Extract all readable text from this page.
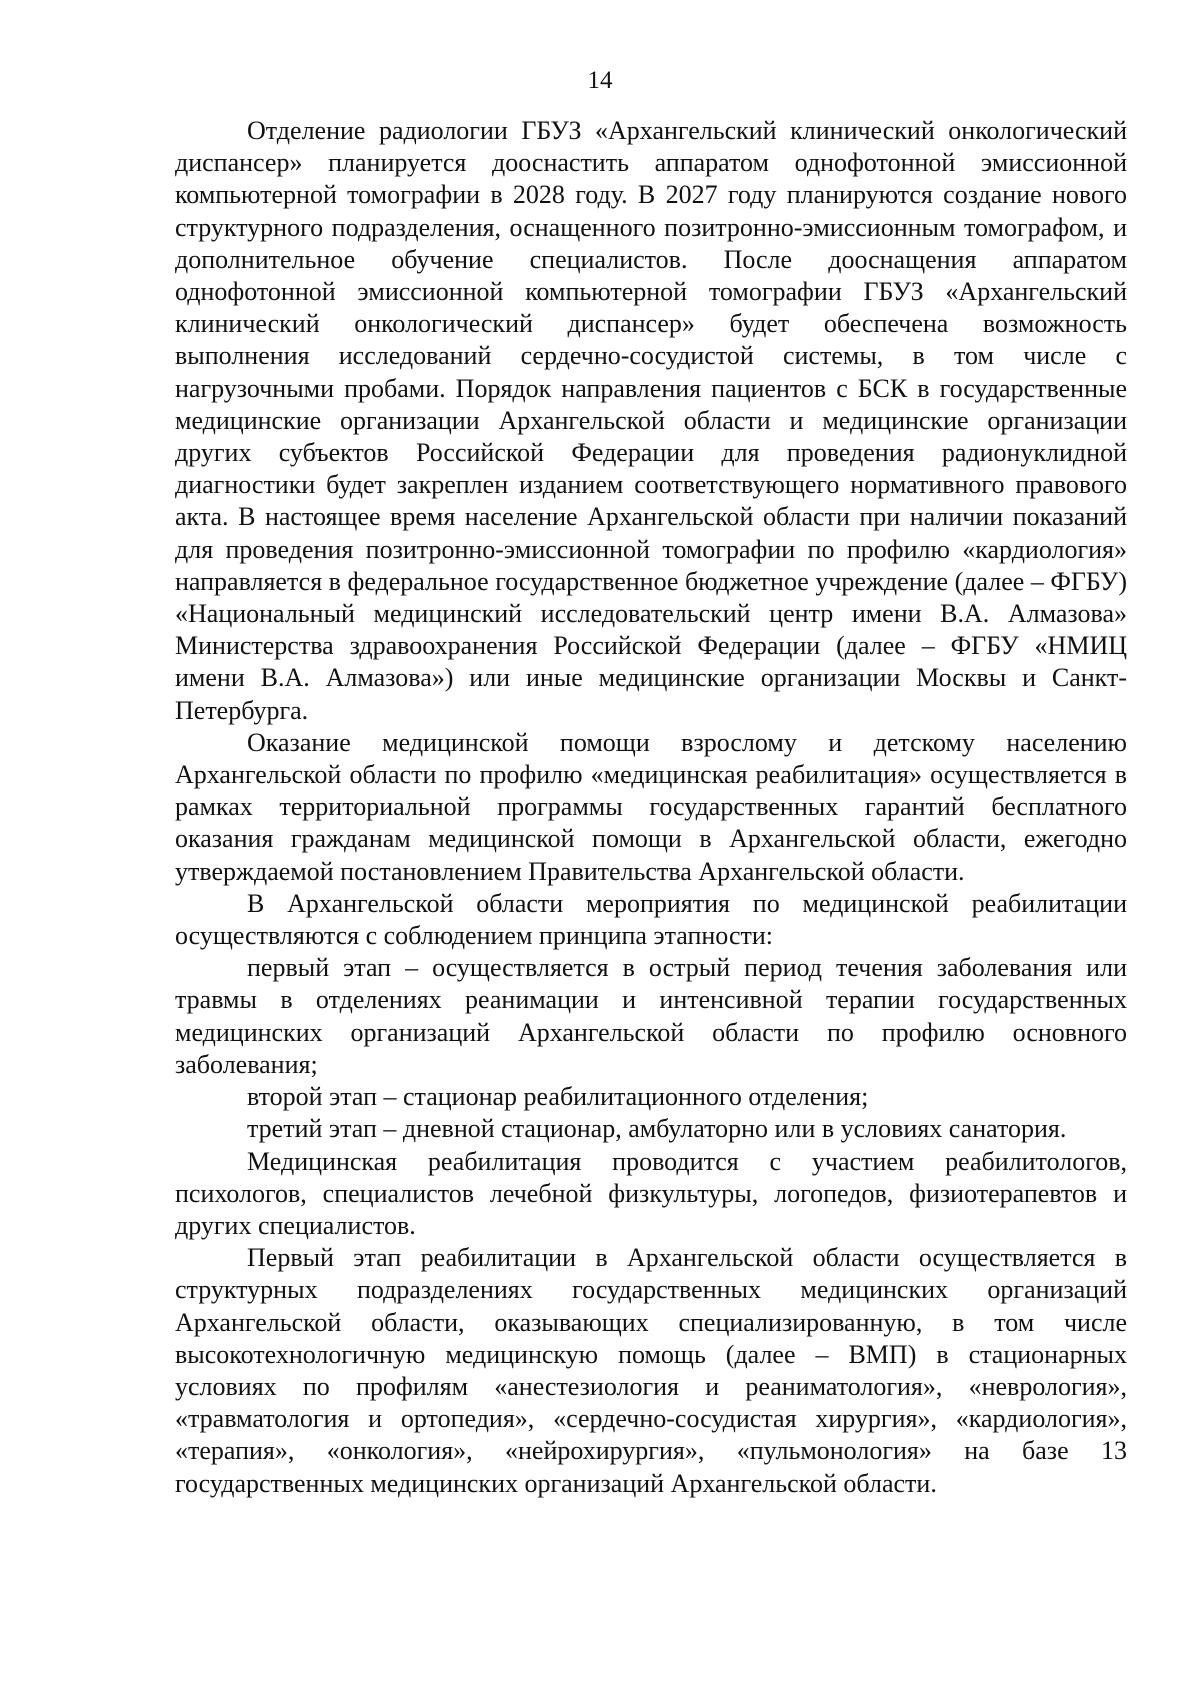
14

Отделение радиологии ГБУЗ «Архангельский клинический онкологический диспансер» планируется дооснастить аппаратом однофотонной эмиссионной компьютерной томографии в 2028 году. В 2027 году планируются создание нового структурного подразделения, оснащенного позитронно-эмиссионным томографом, и дополнительное обучение специалистов. После дооснащения аппаратом однофотонной эмиссионной компьютерной томографии ГБУЗ «Архангельский клинический онкологический диспансер» будет обеспечена возможность выполнения исследований сердечно-сосудистой системы, в том числе с нагрузочными пробами. Порядок направления пациентов с БСК в государственные медицинские организации Архангельской области и медицинские организации других субъектов Российской Федерации для проведения радионуклидной диагностики будет закреплен изданием соответствующего нормативного правового акта. В настоящее время население Архангельской области при наличии показаний для проведения позитронно-эмиссионной томографии по профилю «кардиология» направляется в федеральное государственное бюджетное учреждение (далее – ФГБУ) «Национальный медицинский исследовательский центр имени В.А. Алмазова» Министерства здравоохранения Российской Федерации (далее – ФГБУ «НМИЦ имени В.А. Алмазова») или иные медицинские организации Москвы и Санкт-Петербурга.

Оказание медицинской помощи взрослому и детскому населению Архангельской области по профилю «медицинская реабилитация» осуществляется в рамках территориальной программы государственных гарантий бесплатного оказания гражданам медицинской помощи в Архангельской области, ежегодно утверждаемой постановлением Правительства Архангельской области.

В Архангельской области мероприятия по медицинской реабилитации осуществляются с соблюдением принципа этапности:

первый этап – осуществляется в острый период течения заболевания или травмы в отделениях реанимации и интенсивной терапии государственных медицинских организаций Архангельской области по профилю основного заболевания;

второй этап – стационар реабилитационного отделения;

третий этап – дневной стационар, амбулаторно или в условиях санатория.

Медицинская реабилитация проводится с участием реабилитологов, психологов, специалистов лечебной физкультуры, логопедов, физиотерапевтов и других специалистов.

Первый этап реабилитации в Архангельской области осуществляется в структурных подразделениях государственных медицинских организаций Архангельской области, оказывающих специализированную, в том числе высокотехнологичную медицинскую помощь (далее – ВМП) в стационарных условиях по профилям «анестезиология и реаниматология», «неврология», «травматология и ортопедия», «сердечно-сосудистая хирургия», «кардиология», «терапия», «онкология», «нейрохирургия», «пульмонология» на базе 13 государственных медицинских организаций Архангельской области.
